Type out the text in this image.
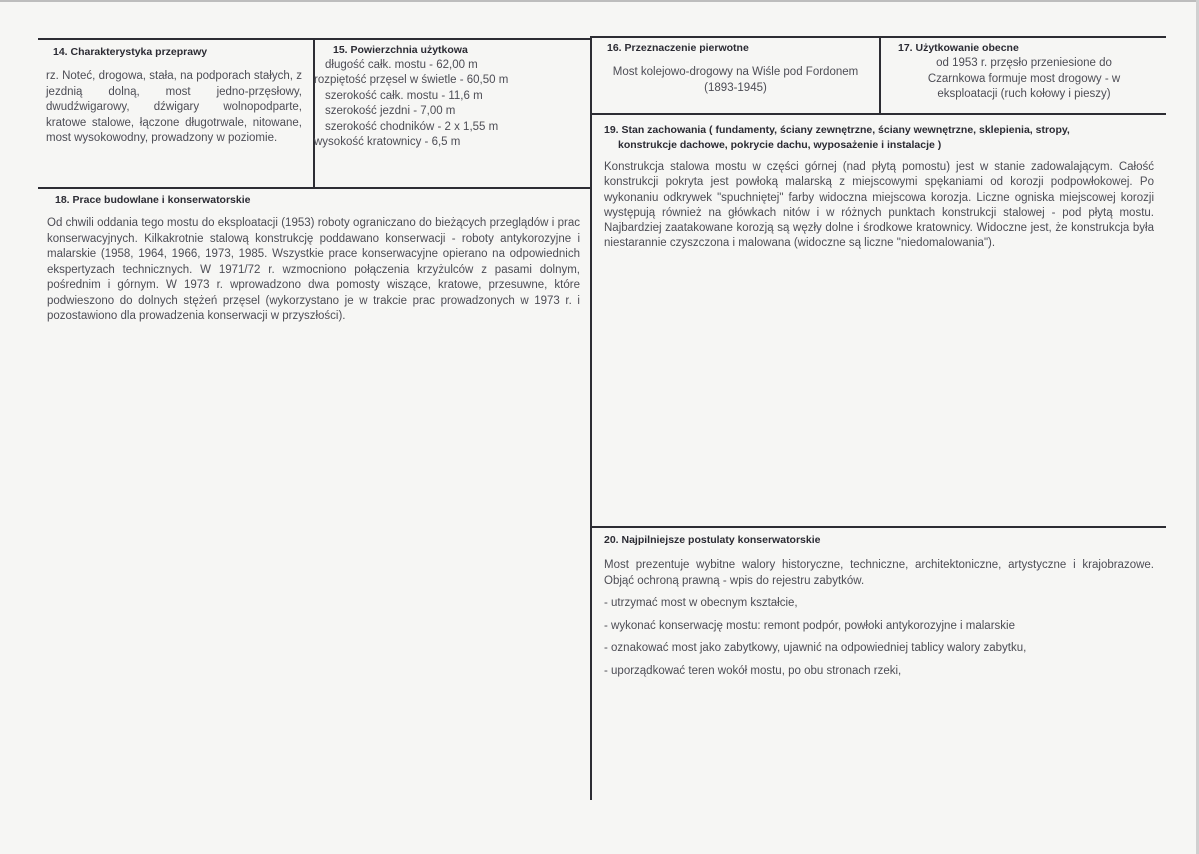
14. Charakterystyka przeprawy

rz. Noteć, drogowa, stała, na podporach stałych, z jezdnią dolną, most jedno-przęsłowy, dwudźwigarowy, dźwigary wolnopodparte, kratowe stalowe, łączone długotrwale, nitowane, most wysokowodny, prowadzony w poziomie.

15. Powierzchnia użytkowa
długość całk. mostu - 62,00 m
rozpiętość przęsel w świetle - 60,50 m
szerokość całk. mostu - 11,6 m
szerokość jezdni - 7,00 m
szerokość chodników - 2 x 1,55 m
wysokość kratownicy - 6,5 m
16. Przeznaczenie pierwotne

Most kolejowo-drogowy na Wiśle pod Fordonem (1893-1945)

17. Użytkowanie obecne

od 1953 r. przęsło przeniesione do Czarnkowa formuje most drogowy - w eksploatacji (ruch kołowy i pieszy)

18. Prace budowlane i konserwatorskie

Od chwili oddania tego mostu do eksploatacji (1953) roboty ograniczano do bieżących przeglądów i prac konserwacyjnych. Kilkakrotnie stalową konstrukcję poddawano konserwacji - roboty antykorozyjne i malarskie (1958, 1964, 1966, 1973, 1985. Wszystkie prace konserwacyjne opierano na odpowiednich ekspertyzach technicznych. W 1971/72 r. wzmocniono połączenia krzyżulców z pasami dolnym, pośrednim i górnym. W 1973 r. wprowadzono dwa pomosty wiszące, kratowe, przesuwne, które podwieszono do dolnych stężeń przęsel (wykorzystano je w trakcie prac prowadzonych w 1973 r. i pozostawiono dla prowadzenia konserwacji w przyszłości).

19. Stan zachowania ( fundamenty, ściany zewnętrzne, ściany wewnętrzne, sklepienia, stropy,
konstrukcje dachowe, pokrycie dachu, wyposażenie i instalacje )

Konstrukcja stalowa mostu w części górnej (nad płytą pomostu) jest w stanie zadowalającym. Całość konstrukcji pokryta jest powłoką malarską z miejscowymi spękaniami od korozji podpowłokowej. Po wykonaniu odkrywek "spuchniętej" farby widoczna miejscowa korozja. Liczne ogniska miejscowej korozji występują również na główkach nitów i w różnych punktach konstrukcji stalowej - pod płytą mostu. Najbardziej zaatakowane korozją są węzły dolne i środkowe kratownicy. Widoczne jest, że konstrukcja była niestarannie czyszczona i malowana (widoczne są liczne "niedomalowania").

20. Najpilniejsze postulaty konserwatorskie

Most prezentuje wybitne walory historyczne, techniczne, architektoniczne, artystyczne i krajobrazowe. Objąć ochroną prawną - wpis do rejestru zabytków.

- utrzymać most w obecnym kształcie,
- wykonać konserwację mostu: remont podpór, powłoki antykorozyjne i malarskie
- oznakować most jako zabytkowy, ujawnić na odpowiedniej tablicy walory zabytku,
- uporządkować teren wokół mostu, po obu stronach rzeki,
